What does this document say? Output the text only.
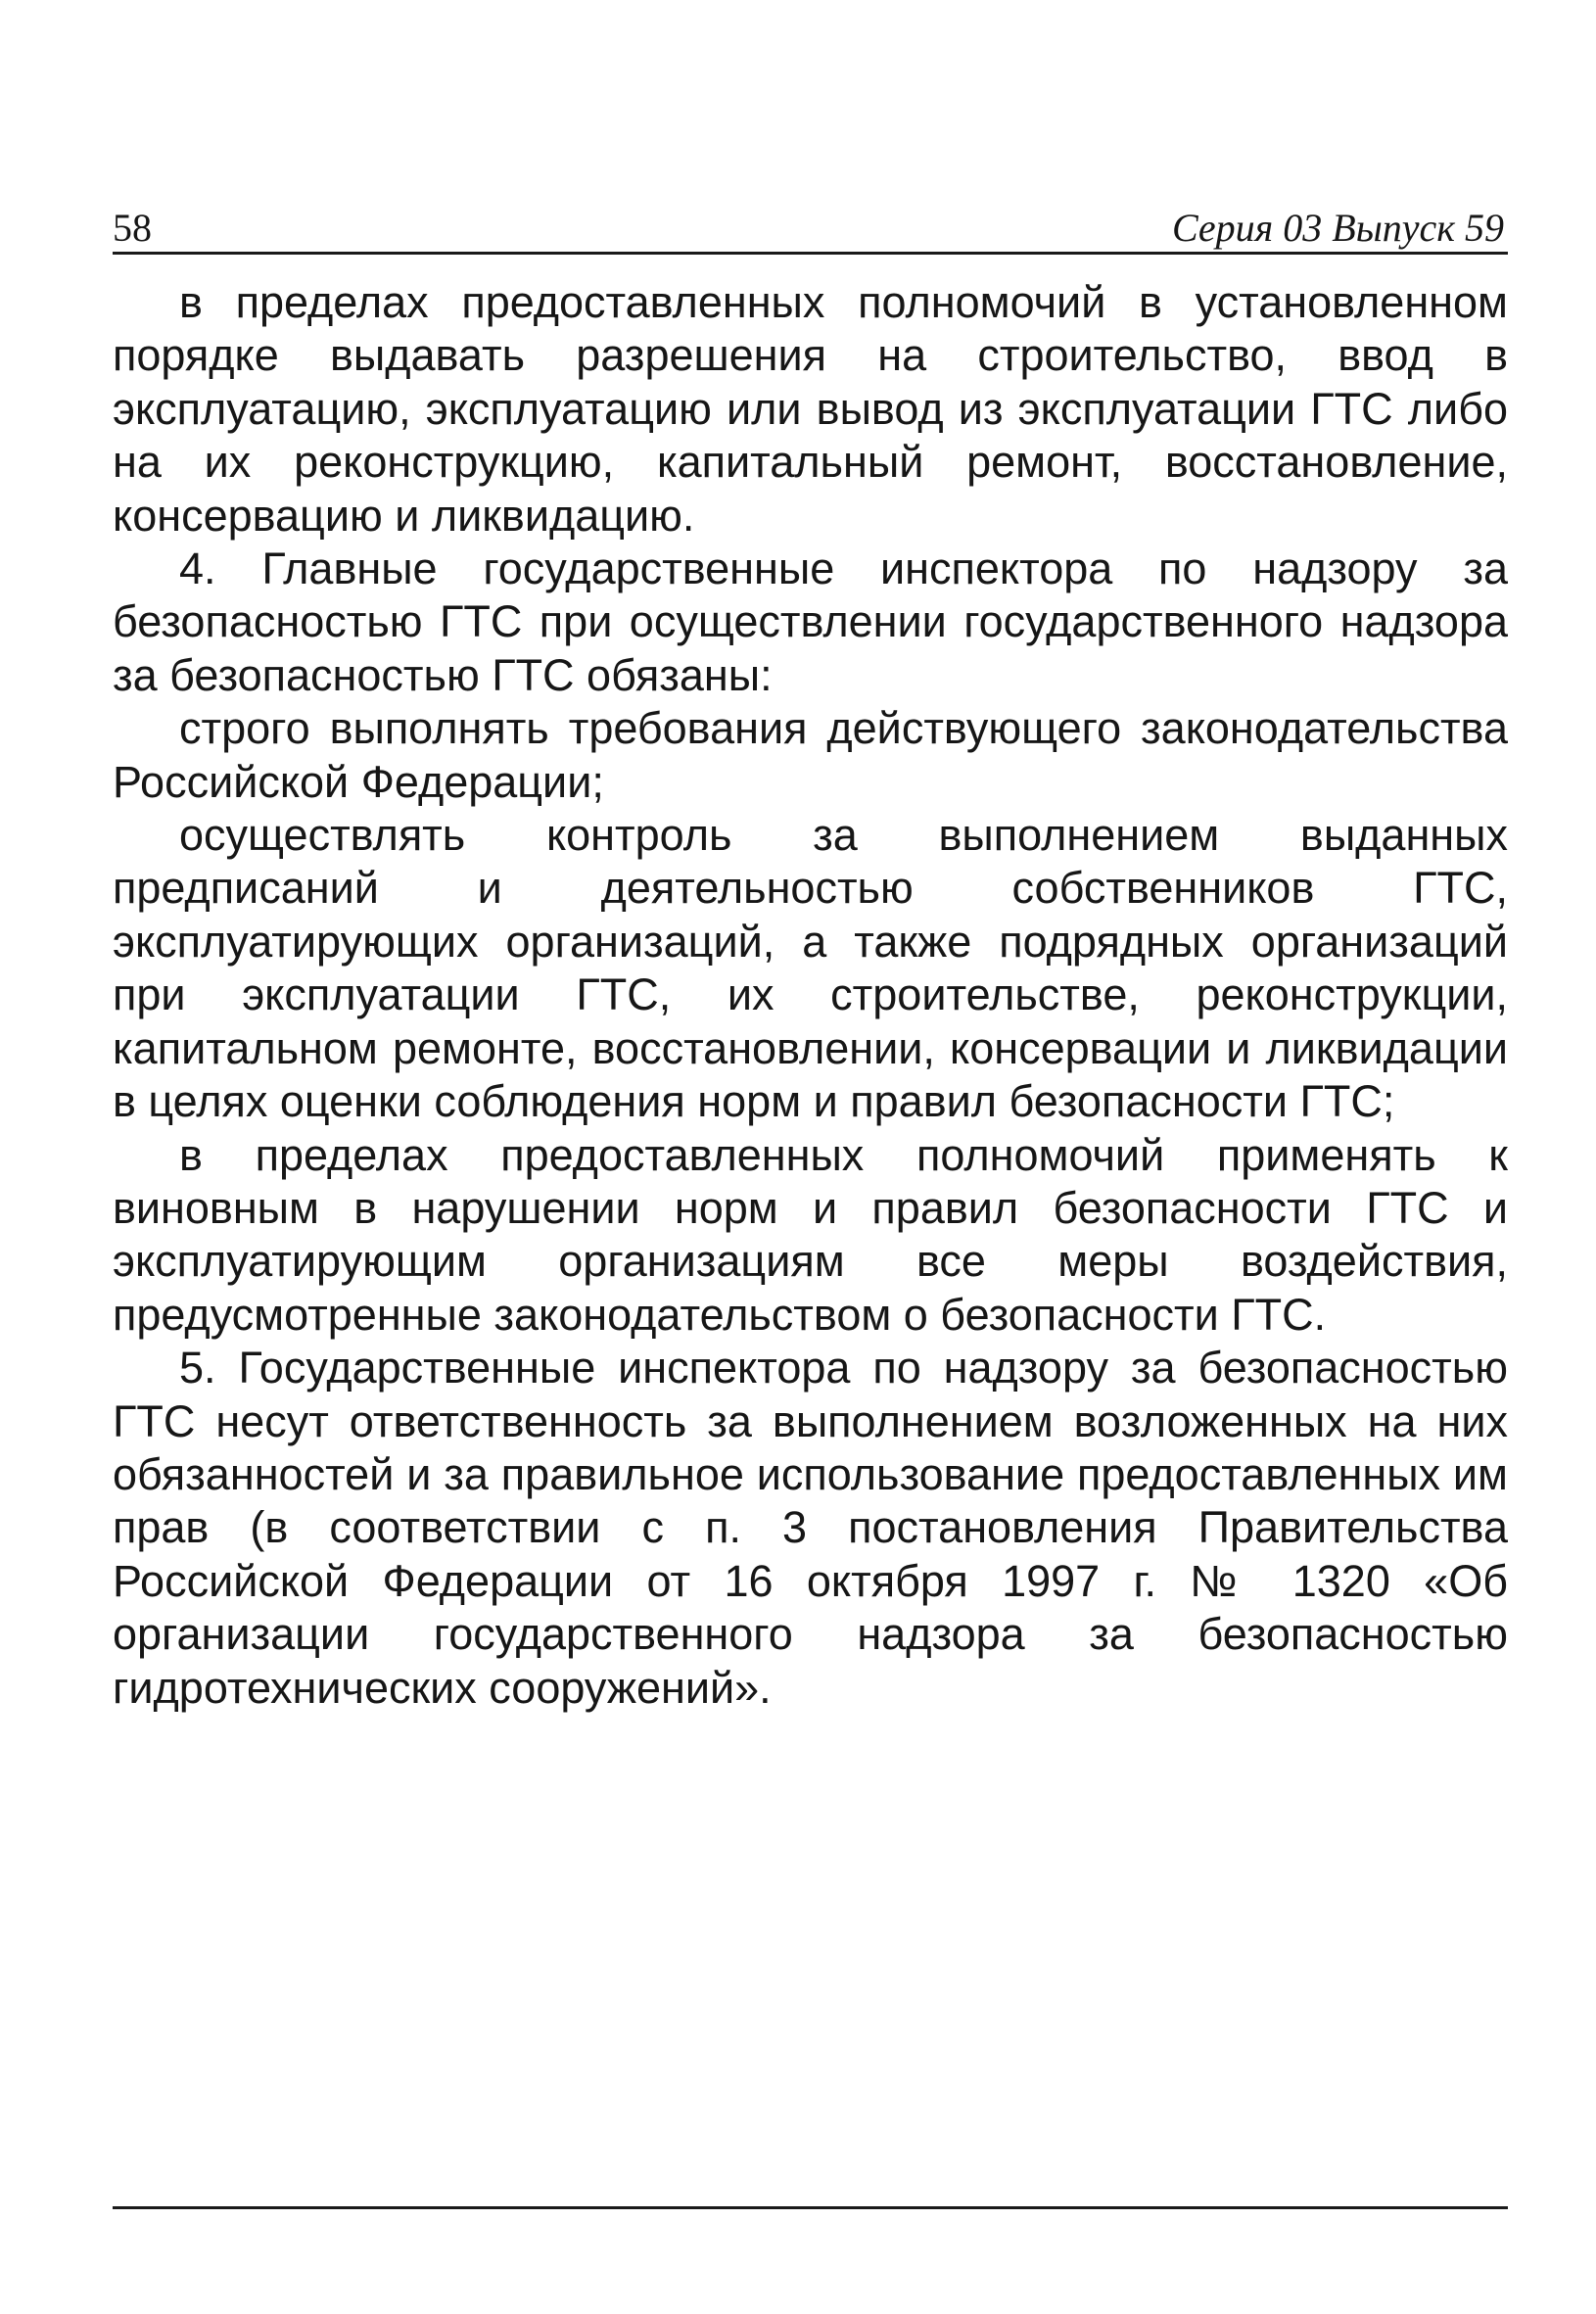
58	Серия 03 Выпуск 59

в пределах предоставленных полномочий в установленном порядке выдавать разрешения на строительство, ввод в эксплуатацию, эксплуатацию или вывод из эксплуатации ГТС либо на их реконструкцию, капитальный ремонт, восстановление, консервацию и ликвидацию.

4. Главные государственные инспектора по надзору за безопасностью ГТС при осуществлении государственного надзора за безопасностью ГТС обязаны:

строго выполнять требования действующего законодательства Российской Федерации;

осуществлять контроль за выполнением выданных предписаний и деятельностью собственников ГТС, эксплуатирующих организаций, а также подрядных организаций при эксплуатации ГТС, их строительстве, реконструкции, капитальном ремонте, восстановлении, консервации и ликвидации в целях оценки соблюдения норм и правил безопасности ГТС;

в пределах предоставленных полномочий применять к виновным в нарушении норм и правил безопасности ГТС и эксплуатирующим организациям все меры воздействия, предусмотренные законодательством о безопасности ГТС.

5. Государственные инспектора по надзору за безопасностью ГТС несут ответственность за выполнением возложенных на них обязанностей и за правильное использование предоставленных им прав (в соответствии с п. 3 постановления Правительства Российской Федерации от 16 октября 1997 г. № 1320 «Об организации государственного надзора за безопасностью гидротехнических сооружений».
